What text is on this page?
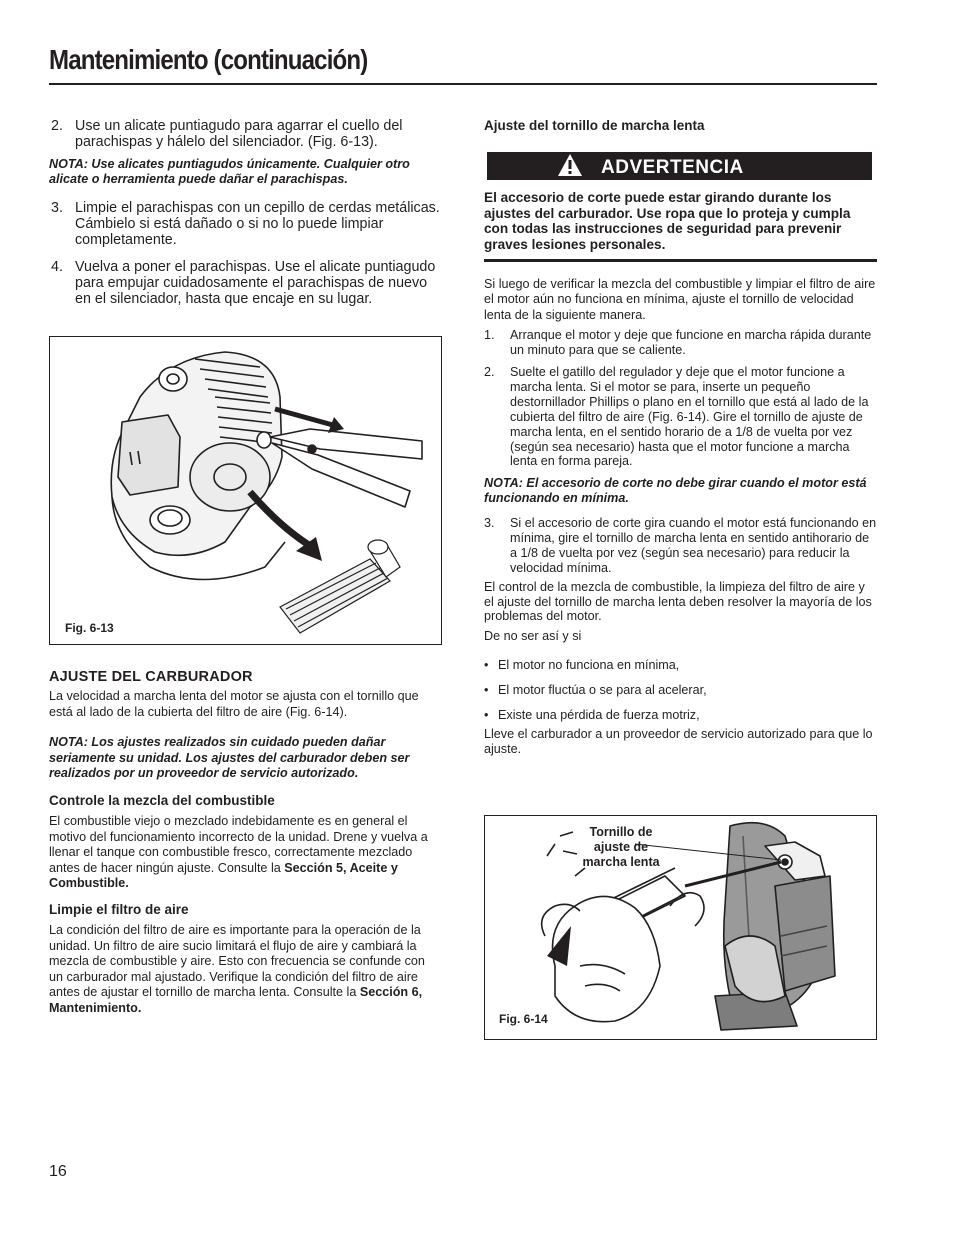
Mantenimiento (continuación)
2. Use un alicate puntiagudo para agarrar el cuello del parachispas y hálelo del silenciador. (Fig. 6-13).
NOTA: Use alicates puntiagudos únicamente. Cualquier otro alicate o herramienta puede dañar el parachispas.
3. Limpie el parachispas con un cepillo de cerdas metálicas. Cámbielo si está dañado o si no lo puede limpiar completamente.
4. Vuelva a poner el parachispas. Use el alicate puntiagudo para empujar cuidadosamente el parachispas de nuevo en el silenciador, hasta que encaje en su lugar.
Fig. 6-13
AJUSTE DEL CARBURADOR
La velocidad a marcha lenta del motor se ajusta con el tornillo que está al lado de la cubierta del filtro de aire (Fig. 6-14).
NOTA: Los ajustes realizados sin cuidado pueden dañar seriamente su unidad. Los ajustes del carburador deben ser realizados por un proveedor de servicio autorizado.
Controle la mezcla del combustible
El combustible viejo o mezclado indebidamente es en general el motivo del funcionamiento incorrecto de la unidad. Drene y vuelva a llenar el tanque con combustible fresco, correctamente mezclado antes de hacer ningún ajuste. Consulte la Sección 5, Aceite y Combustible.
Limpie el filtro de aire
La condición del filtro de aire es importante para la operación de la unidad. Un filtro de aire sucio limitará el flujo de aire y cambiará la mezcla de combustible y aire. Esto con frecuencia se confunde con un carburador mal ajustado. Verifique la condición del filtro de aire antes de ajustar el tornillo de marcha lenta. Consulte la Sección 6, Mantenimiento.
Ajuste del tornillo de marcha lenta
ADVERTENCIA
El accesorio de corte puede estar girando durante los ajustes del carburador. Use ropa que lo proteja y cumpla con todas las instrucciones de seguridad para prevenir graves lesiones personales.
Si luego de verificar la mezcla del combustible y limpiar el filtro de aire el motor aún no funciona en mínima, ajuste el tornillo de velocidad lenta de la siguiente manera.
1. Arranque el motor y deje que funcione en marcha rápida durante un minuto para que se caliente.
2. Suelte el gatillo del regulador y deje que el motor funcione a marcha lenta. Si el motor se para, inserte un pequeño destornillador Phillips o plano en el tornillo que está al lado de la cubierta del filtro de aire (Fig. 6-14). Gire el tornillo de ajuste de marcha lenta, en el sentido horario de a 1/8 de vuelta por vez (según sea necesario) hasta que el motor funcione a marcha lenta en forma pareja.
NOTA: El accesorio de corte no debe girar cuando el motor está funcionando en mínima.
3. Si el accesorio de corte gira cuando el motor está funcionando en mínima, gire el tornillo de marcha lenta en sentido antihorario de a 1/8 de vuelta por vez (según sea necesario) para reducir la velocidad mínima.
El control de la mezcla de combustible, la limpieza del filtro de aire y el ajuste del tornillo de marcha lenta deben resolver la mayoría de los problemas del motor.
De no ser así y si
• El motor no funciona en mínima,
• El motor fluctúa o se para al acelerar,
• Existe una pérdida de fuerza motriz,
Lleve el carburador a un proveedor de servicio autorizado para que lo ajuste.
Tornillo de ajuste de marcha lenta
Fig. 6-14
16
